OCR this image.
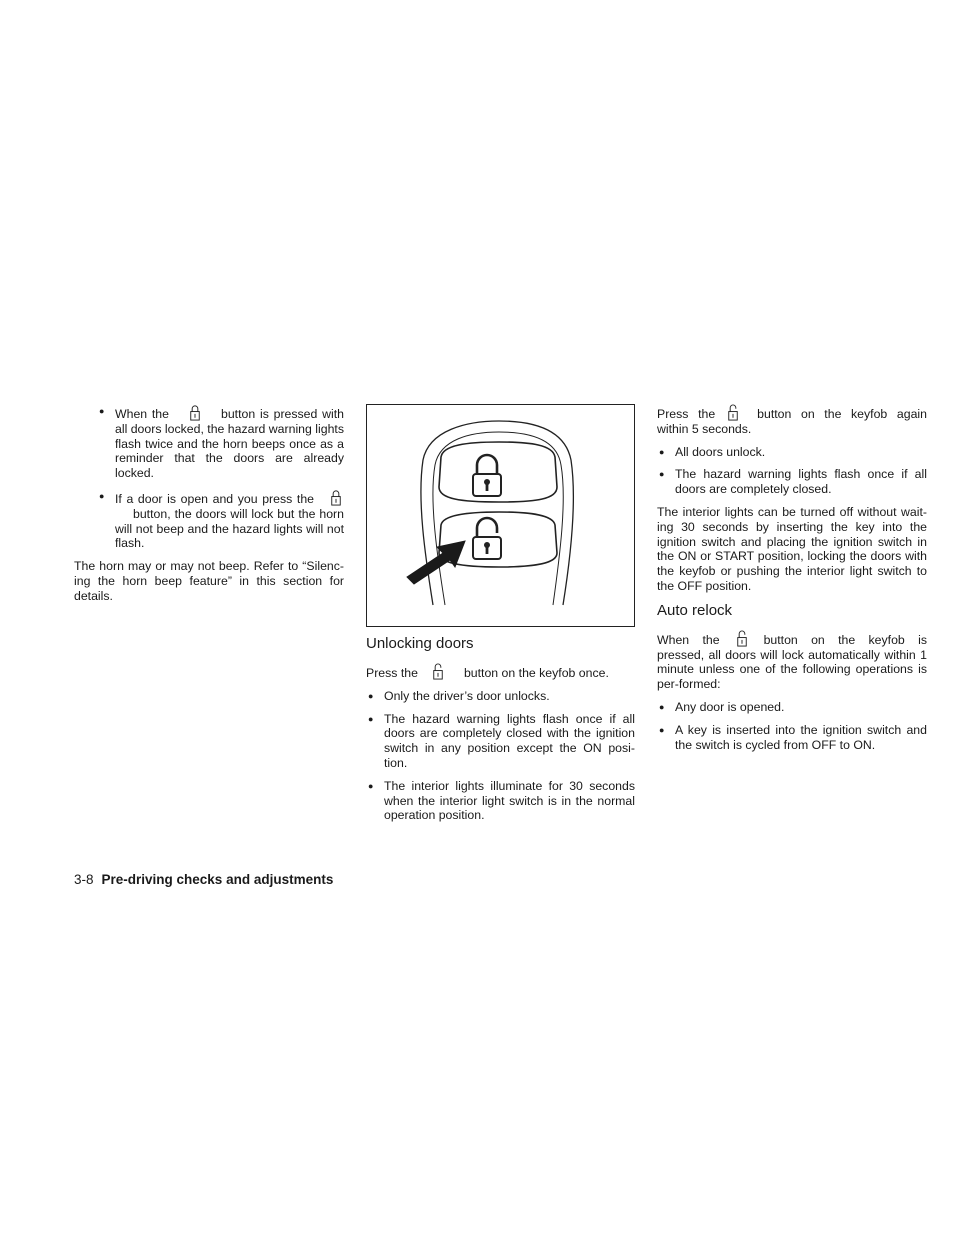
● When the	button is pressed with all doors locked, the hazard warning lights flash twice and the horn beeps once as a reminder that the doors are already locked.
● If a door is open and you press thebutton, the doors will lock but the horn will not beep and the hazard lights will not flash.

The horn may or may not beep. Refer to “Silenc-ing the horn beep feature” in this section for details.

Unlocking doors

Press the	button on the keyfob once.

● Only the driver’s door unlocks.
● The hazard warning lights flash once if all doors are completely closed with the ignition switch in any position except the ON posi-tion.
● The interior lights illuminate for 30 seconds when the interior light switch is in the normal operation position.

Press the	button on the keyfob again within 5 seconds.

● All doors unlock.
● The hazard warning lights flash once if all doors are completely closed.

The interior lights can be turned off without wait-ing 30 seconds by inserting the key into the ignition switch and placing the ignition switch in the ON or START position, locking the doors with the keyfob or pushing the interior light switch to the OFF position.

Auto relock

When the	button on the keyfob is pressed, all doors will lock automatically within 1 minute unless one of the following operations is per-formed:

● Any door is opened.
● A key is inserted into the ignition switch and the switch is cycled from OFF to ON.
3-8 Pre-driving checks and adjustments
